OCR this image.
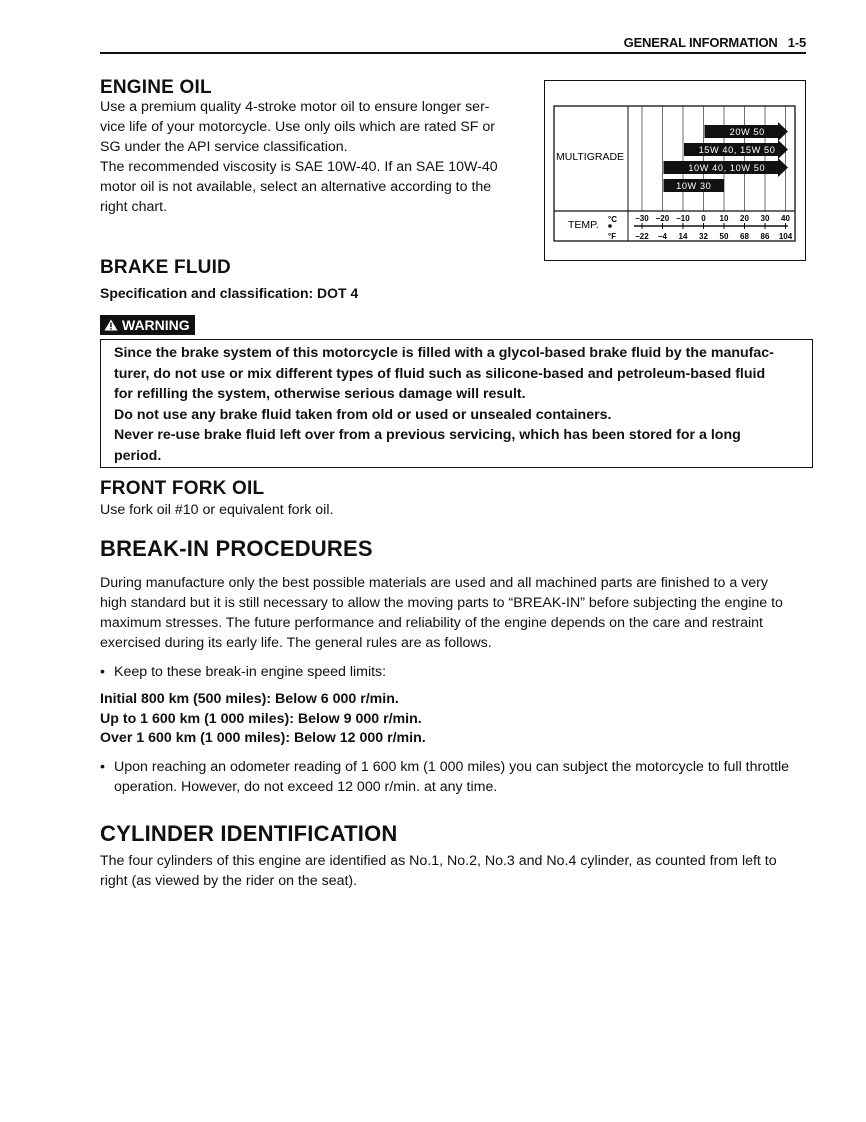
GENERAL INFORMATION 1-5
ENGINE OIL

Use a premium quality 4-stroke motor oil to ensure longer ser-

vice life of your motorcycle. Use only oils which are rated SF or

SG under the API service classification.

The recommended viscosity is SAE 10W-40. If an SAE 10W-40

motor oil is not available, select an alternative according to the

right chart.

20W 50
15W 40, 15W 50
10W 40, 10W 50
10W 30
MULTIGRADE
TEMP. °C
°F
–30
–22
–20
–4
–10
14
0
32
10
50
20
68
30
86
40
104
BRAKE FLUID
Specification and classification: DOT 4
WARNING

Since the brake system of this motorcycle is filled with a glycol-based brake fluid by the manufac-

turer, do not use or mix different types of fluid such as silicone-based and petroleum-based fluid

for refilling the system, otherwise serious damage will result.

Do not use any brake fluid taken from old or used or unsealed containers.

Never re-use brake fluid left over from a previous servicing, which has been stored for a long

period.

FRONT FORK OIL
Use fork oil #10 or equivalent fork oil.
BREAK-IN PROCEDURES

During manufacture only the best possible materials are used and all machined parts are finished to a very

high standard but it is still necessary to allow the moving parts to “BREAK-IN” before subjecting the engine to

maximum stresses. The future performance and reliability of the engine depends on the care and restraint

exercised during its early life. The general rules are as follows.

• Keep to these break-in engine speed limits:

Initial 800 km (500 miles): Below 6 000 r/min.

Up to 1 600 km (1 000 miles): Below 9 000 r/min.

Over 1 600 km (1 000 miles): Below 12 000 r/min.

• Upon reaching an odometer reading of 1 600 km (1 000 miles) you can subject the motorcycle to full throttle
operation. However, do not exceed 12 000 r/min. at any time.
CYLINDER IDENTIFICATION

The four cylinders of this engine are identified as No.1, No.2, No.3 and No.4 cylinder, as counted from left to

right (as viewed by the rider on the seat).
